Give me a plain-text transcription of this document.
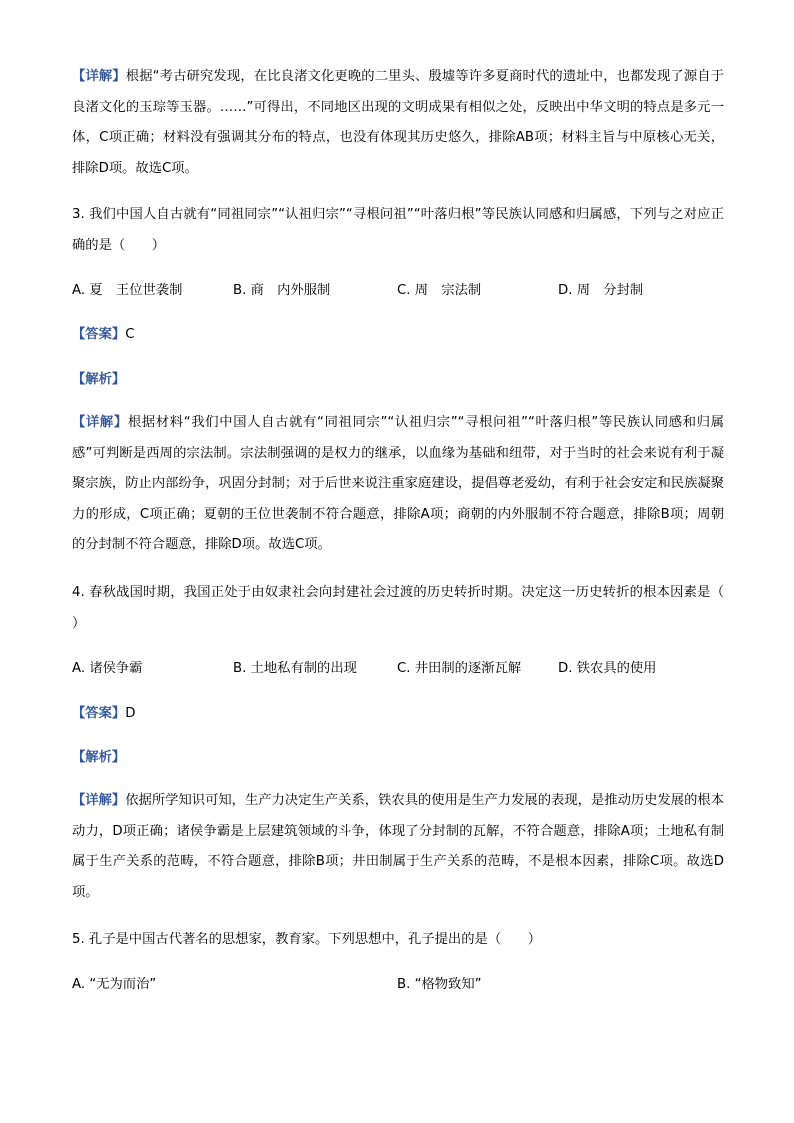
【详解】根据“考古研究发现，在比良渚文化更晚的二里头、殷墟等许多夏商时代的遗址中，也都发现了源自于良渚文化的玉琮等玉器。……”可得出，不同地区出现的文明成果有相似之处，反映出中华文明的特点是多元一体，C项正确；材料没有强调其分布的特点，也没有体现其历史悠久，排除AB项；材料主旨与中原核心无关，排除D项。故选C项。

3. 我们中国人自古就有“同祖同宗”“认祖归宗”“寻根问祖”“叶落归根”等民族认同感和归属感，下列与之对应正确的是（　　）

A. 夏　王位世袭制	B. 商　内外服制	C. 周　宗法制	D. 周　分封制

【答案】C

【解析】

【详解】根据材料“我们中国人自古就有“同祖同宗”“认祖归宗”“寻根问祖”“叶落归根”等民族认同感和归属感”可判断是西周的宗法制。宗法制强调的是权力的继承，以血缘为基础和纽带，对于当时的社会来说有利于凝聚宗族，防止内部纷争，巩固分封制；对于后世来说注重家庭建设，提倡尊老爱幼，有利于社会安定和民族凝聚力的形成，C项正确；夏朝的王位世袭制不符合题意，排除A项；商朝的内外服制不符合题意，排除B项；周朝的分封制不符合题意，排除D项。故选C项。

4. 春秋战国时期，我国正处于由奴隶社会向封建社会过渡的历史转折时期。决定这一历史转折的根本因素是（　　）

A. 诸侯争霸	B. 土地私有制的出现	C. 井田制的逐渐瓦解	D. 铁农具的使用

【答案】D

【解析】

【详解】依据所学知识可知，生产力决定生产关系，铁农具的使用是生产力发展的表现，是推动历史发展的根本动力，D项正确；诸侯争霸是上层建筑领域的斗争，体现了分封制的瓦解，不符合题意，排除A项；土地私有制属于生产关系的范畴，不符合题意，排除B项；井田制属于生产关系的范畴，不是根本因素，排除C项。故选D项。

5. 孔子是中国古代著名的思想家，教育家。下列思想中，孔子提出的是（　　）

A. “无为而治”	B. “格物致知”
